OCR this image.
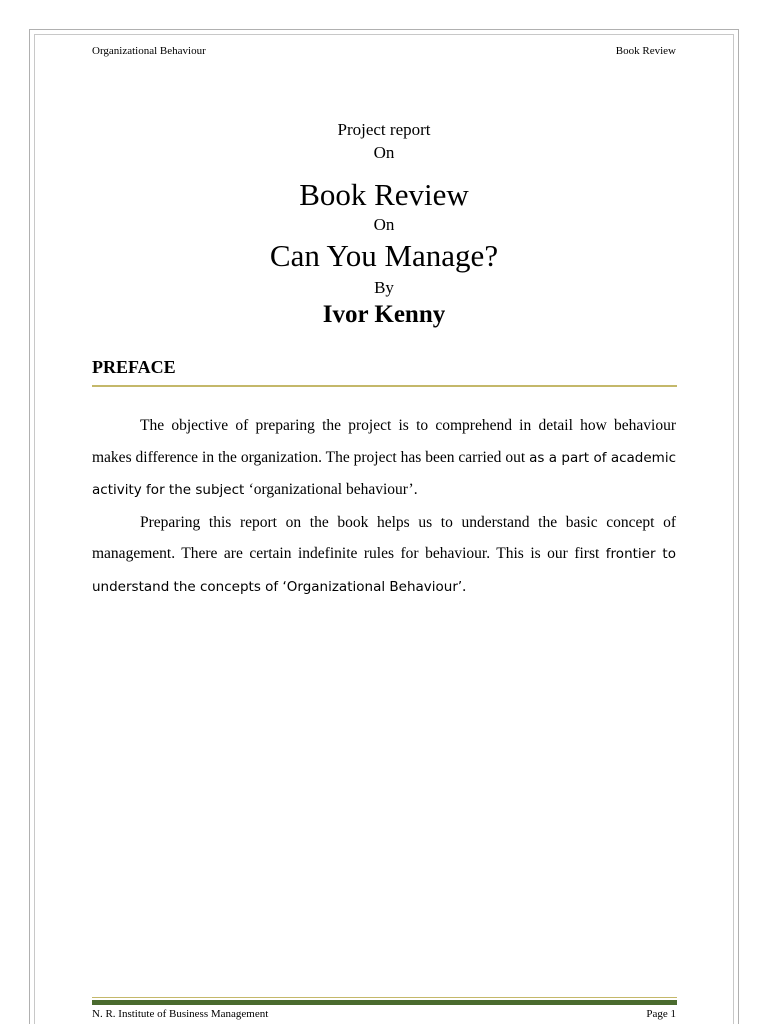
Organizational Behaviour	Book Review
Project report
On
Book Review
On
Can You Manage?
By
Ivor Kenny
PREFACE

The objective of preparing the project is to comprehend in detail how behaviour makes difference in the organization. The project has been carried out as a part of academic activity for the subject ‘organizational behaviour’.

Preparing this report on the book helps us to understand the basic concept of management. There are certain indefinite rules for behaviour. This is our first frontier to understand the concepts of ‘Organizational Behaviour’.

N. R. Institute of Business Management	Page 1
